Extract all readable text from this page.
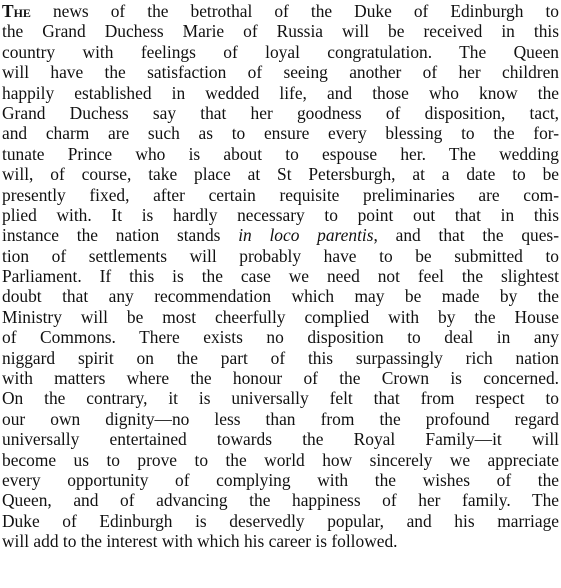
The news of the betrothal of the Duke of Edinburgh to
the Grand Duchess Marie of Russia will be received in this
country with feelings of loyal congratulation. The Queen
will have the satisfaction of seeing another of her children
happily established in wedded life, and those who know the
Grand Duchess say that her goodness of disposition, tact,
and charm are such as to ensure every blessing to the for-
tunate Prince who is about to espouse her. The wedding
will, of course, take place at St Petersburgh, at a date to be
presently fixed, after certain requisite preliminaries are com-
plied with. It is hardly necessary to point out that in this
instance the nation stands in loco parentis, and that the ques-
tion of settlements will probably have to be submitted to
Parliament. If this is the case we need not feel the slightest
doubt that any recommendation which may be made by the
Ministry will be most cheerfully complied with by the House
of Commons. There exists no disposition to deal in any
niggard spirit on the part of this surpassingly rich nation
with matters where the honour of the Crown is concerned.
On the contrary, it is universally felt that from respect to
our own dignity—no less than from the profound regard
universally entertained towards the Royal Family—it will
become us to prove to the world how sincerely we appreciate
every opportunity of complying with the wishes of the
Queen, and of advancing the happiness of her family. The
Duke of Edinburgh is deservedly popular, and his marriage
will add to the interest with which his career is followed.
